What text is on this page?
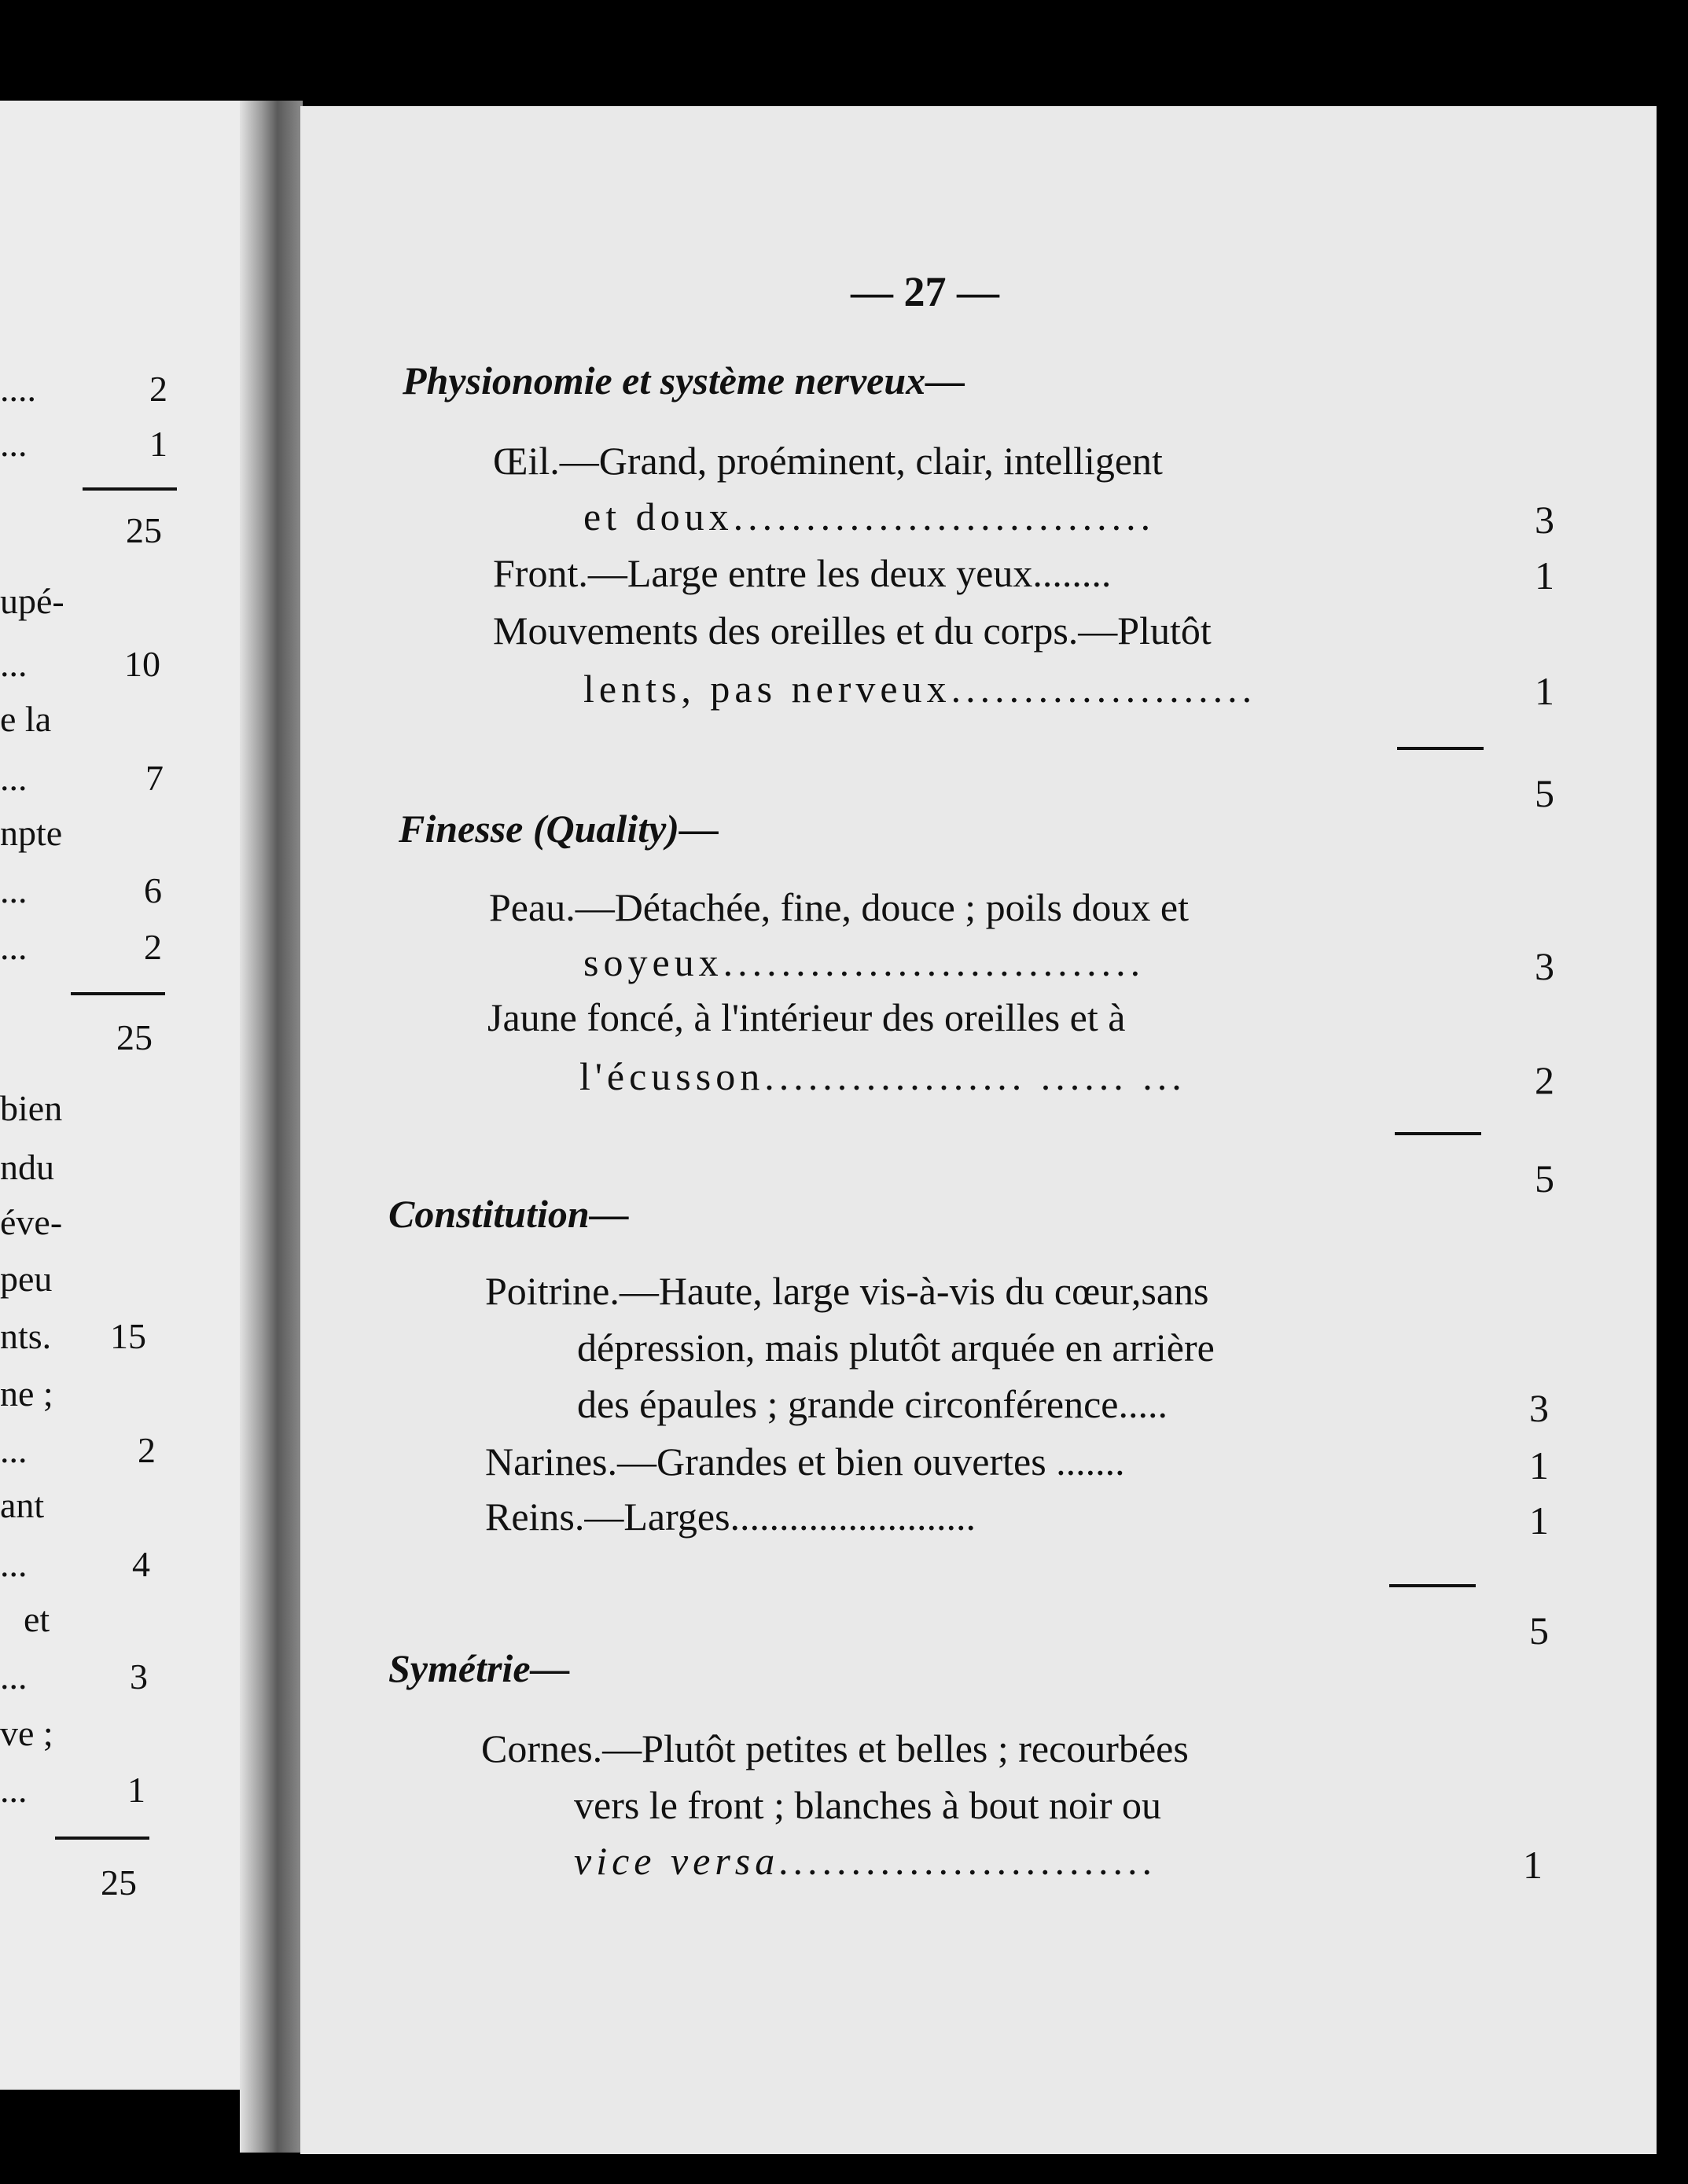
....	2
...	1
25
upé-
...	10
e la
...	7
npte
...	6
...	2
25
bien
ndu
éve-
peu
nts. 15
ne ;
...	2
ant
...	4
et
...	3
ve ;
...	1
25
— 27 —
Physionomie et système nerveux—
Œil.—Grand, proéminent, clair, intelligent
et doux.............................	3
Front.—Large entre les deux yeux........	1
Mouvements des oreilles et du corps.—Plutôt
lents, pas nerveux.....................	1
5
Finesse (Quality)—
Peau.—Détachée, fine, douce ; poils doux et
soyeux.............................	3
Jaune foncé, à l'intérieur des oreilles et à
l'écusson.................. ...... ...	2
5
Constitution—
Poitrine.—Haute, large vis-à-vis du cœur,sans
dépression, mais plutôt arquée en arrière
des épaules ; grande circonférence.....	3
Narines.—Grandes et bien ouvertes .......	1
Reins.—Larges.........................	1
5
Symétrie—
Cornes.—Plutôt petites et belles ; recourbées
vers le front ; blanches à bout noir ou
vice versa..........................	1
